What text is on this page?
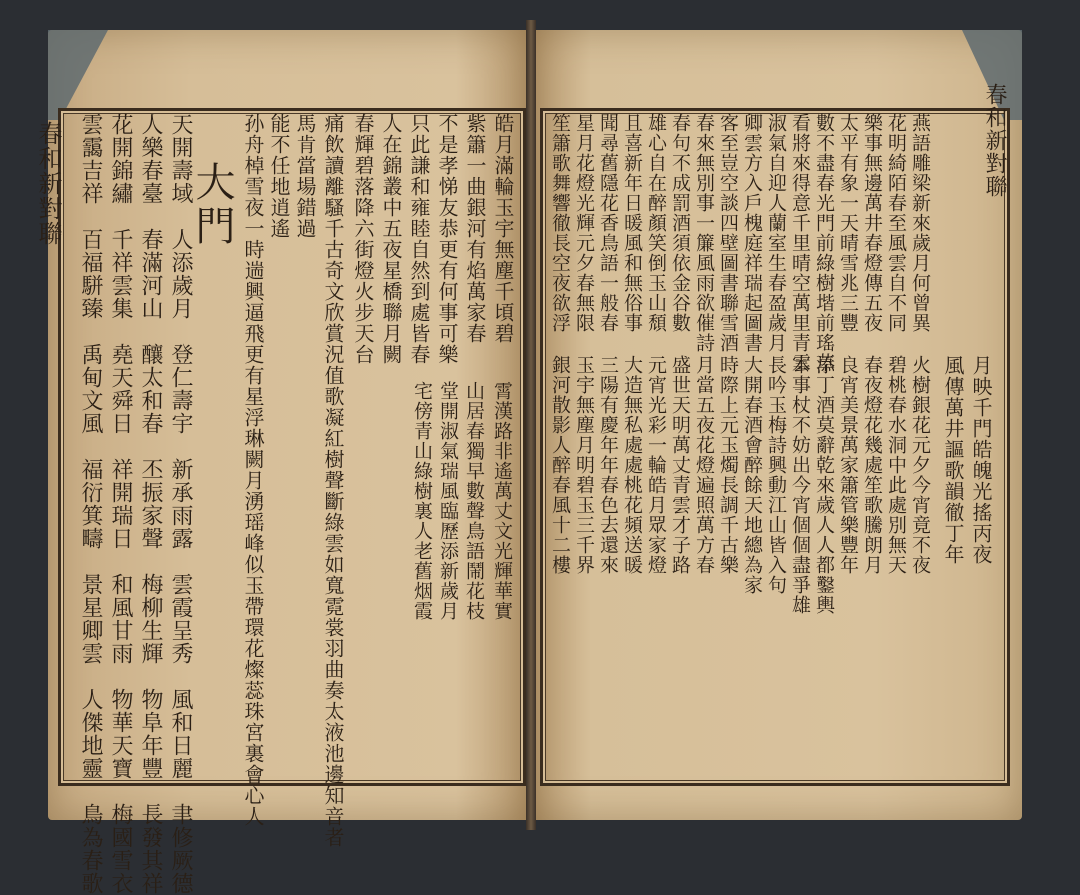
春和新對聯	天開壽域　人添歲月　登仁壽宇　新承雨露　雲霞呈秀　風和日麗　聿修厥德
人樂春臺　春滿河山　釀太和春　丕振家聲　梅柳生輝　物阜年豐　長發其祥
花開錦繡　千祥雲集　堯天舜日　祥開瑞日　和風甘雨　物華天寶　梅國雪衣
雲靄吉祥　百福駢臻　禹甸文風　福衍箕疇　景星卿雲　人傑地靈　鳥為春歌 大門 孙舟棹雪夜一時遄興逼飛更有星浮琳闕月湧瑶峰似玉帶環花燦蕊珠宮裏會心人 能不任地逍遙 馬肯當場錯過 痛飲讀離騷千古奇文欣賞況值歌凝紅樹聲斷綠雲如寬霓裳羽曲奏太液池邊知音者 春輝碧落降六街燈火步天台 人在錦叢中五夜星橋聯月闕 只此謙和雍睦自然到處皆春 不是孝悌友恭更有何事可樂 紫簫一曲銀河有焰萬家春 皓月滿輪玉宇無塵千頃碧
宅傍青山綠樹裏人老舊烟霞 堂開淑氣瑞風臨歷添新歲月 山居春獨早數聲鳥語鬧花枝 霄漢路非遙萬丈文光輝華實
春和新對聯
笙簫歌舞響徹長空夜欲浮 星月花燈光輝元夕春無限 聞尋舊隱花香鳥語一般春 且喜新年日暖風和無俗事 雄心自在醉顏笑倒玉山頹 春句不成罰酒須依金谷數 春來無別事一簾風雨欲催詩 客至豈空談四壁圖書聯雪酒 卿雲方入戶槐庭祥瑞起圖書 淑氣自迎人蘭室生春盈歲月 看將來得意千里晴空萬里青雲 數不盡春光門前綠樹堦前瑤草 太平有象一天晴雪兆三豐 樂事無邊萬井春燈傳五夜 花明綺陌春至風雲自不同 燕語雕梁新來歲月何曾異
銀河散影人醉春風十二樓 玉宇無塵月明碧玉三千界 三陽有慶年年春色去還來 大造無私處處桃花頻送暖 元宵光彩一輪皓月眾家燈 盛世天明萬丈青雲才子路 月當五夜花燈遍照萬方春 時際上元玉燭長調千古樂 大開春酒會醉餘天地總為家 長吟玉梅詩興動江山皆入句 本事杖不妨出今宵個個盡爭雄 添丁酒莫辭乾來歲人人都鑿輿 良宵美景萬家簫管樂豐年 春夜燈花幾處笙歌騰朗月 碧桃春水洞中此處別無天 火樹銀花元夕今宵竟不夜 風傳萬井謳歌韻徹丁年 月映千門皓魄光搖丙夜
